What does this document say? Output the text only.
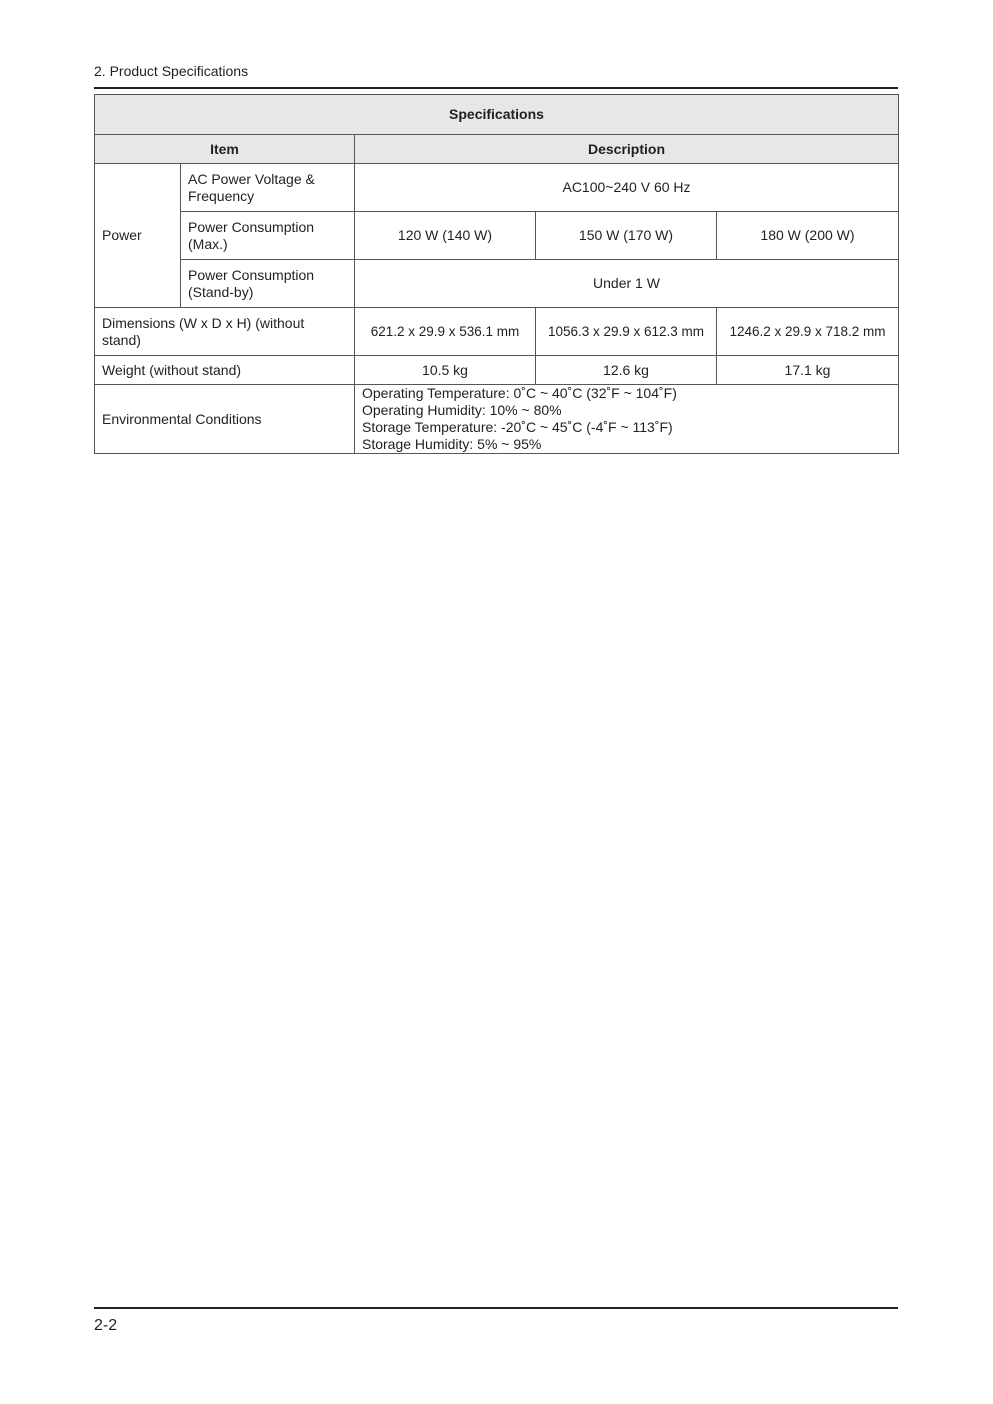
2. Product Specifications
Specifications				
Item		Description		
Power	AC Power Voltage & Frequency	AC100~240 V 60 Hz		
	Power Consumption (Max.)	120 W (140 W)	150 W (170 W)	180 W (200 W)
	Power Consumption (Stand-by)	Under 1 W		
Dimensions (W x D x H) (without stand)		621.2 x 29.9 x 536.1 mm	1056.3 x 29.9 x 612.3 mm	1246.2 x 29.9 x 718.2 mm
Weight (without stand)		10.5 kg	12.6 kg	17.1 kg
Environmental Conditions		Operating Temperature: 0˚C ~ 40˚C (32˚F ~ 104˚F)
Operating Humidity: 10% ~ 80%
Storage Temperature: -20˚C ~ 45˚C (-4˚F ~ 113˚F)
Storage Humidity: 5% ~ 95%		
2-2
